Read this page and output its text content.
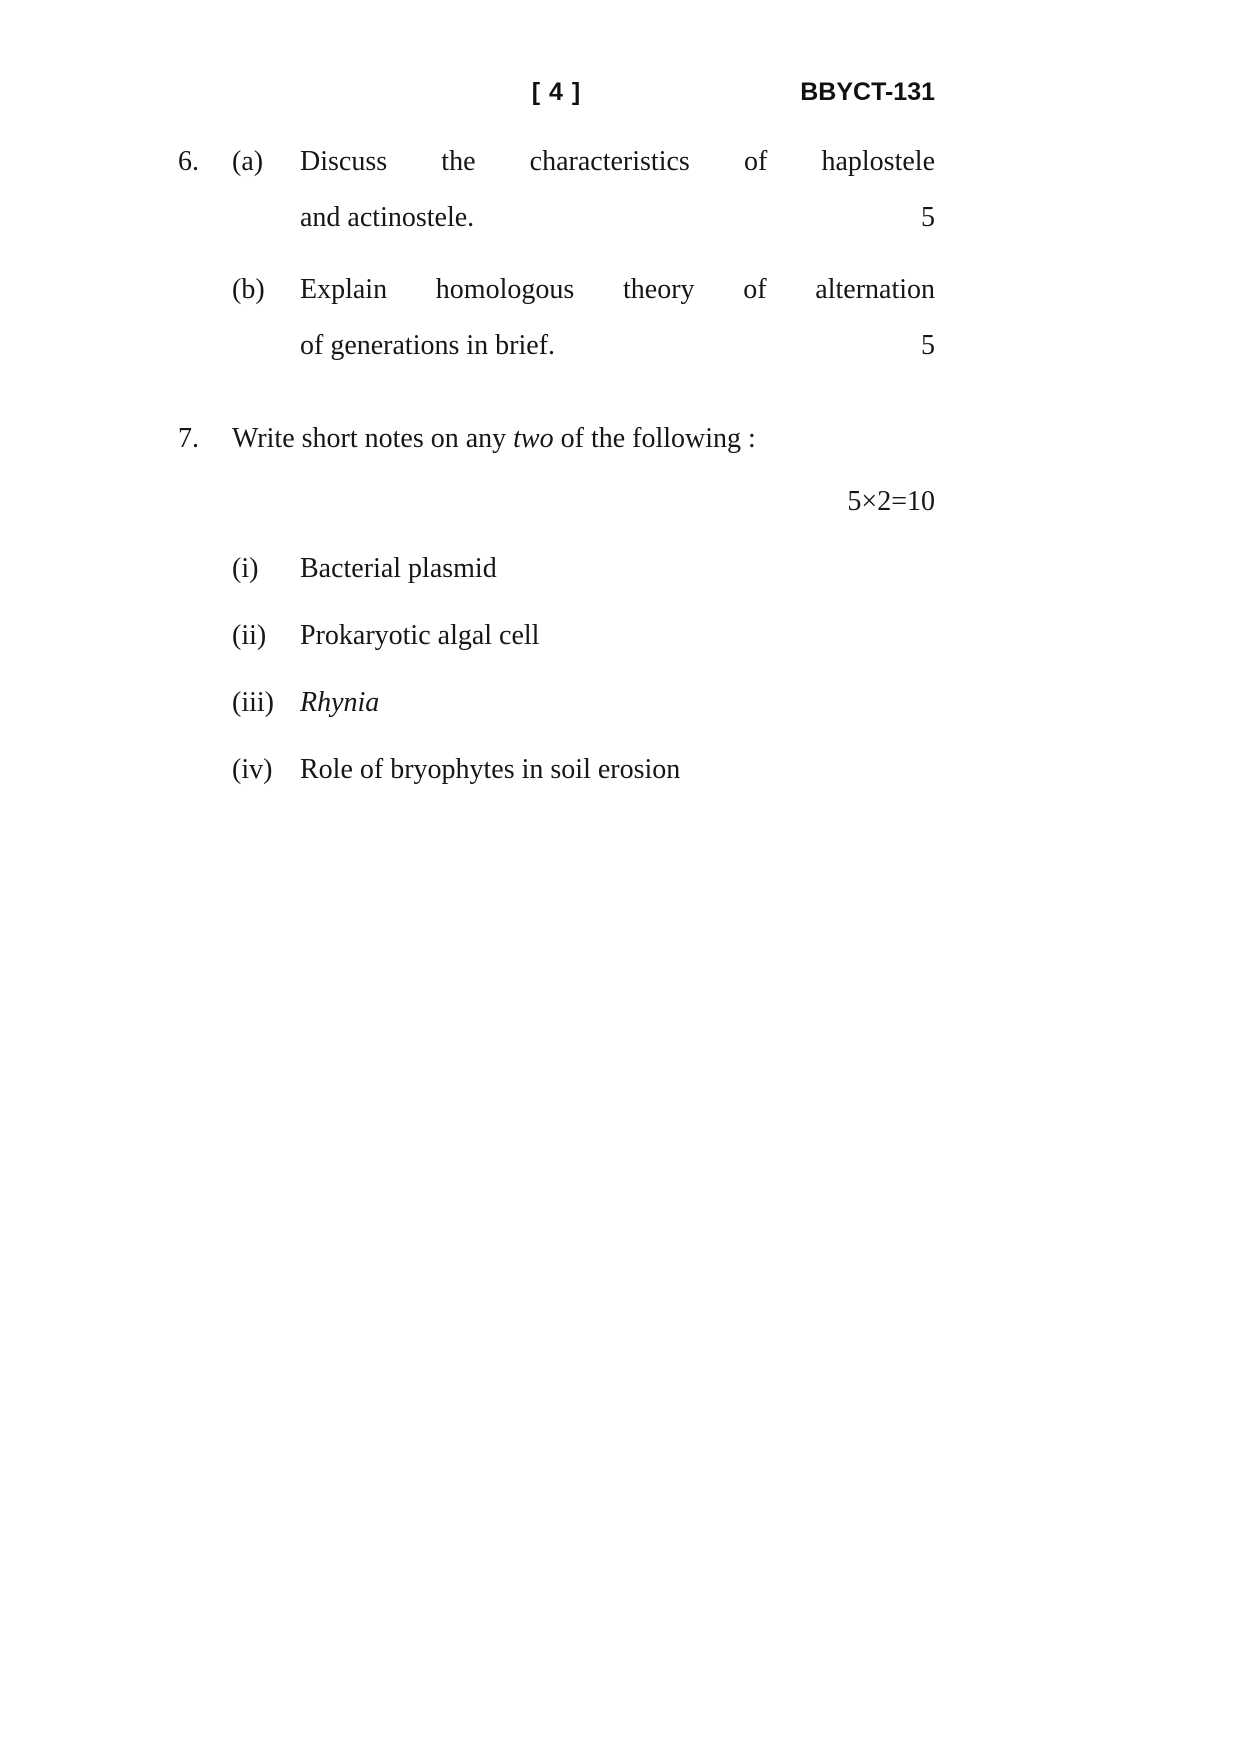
[ 4 ]	BBYCT-131
6.	(a)	Discuss the characteristics of haplostele
and actinostele.	5
(b)	Explain homologous theory of alternation
of generations in brief.	5
7.	Write short notes on any two of the following :
5×2=10
(i)	Bacterial plasmid
(ii)	Prokaryotic algal cell
(iii) Rhynia
(iv) Role of bryophytes in soil erosion
